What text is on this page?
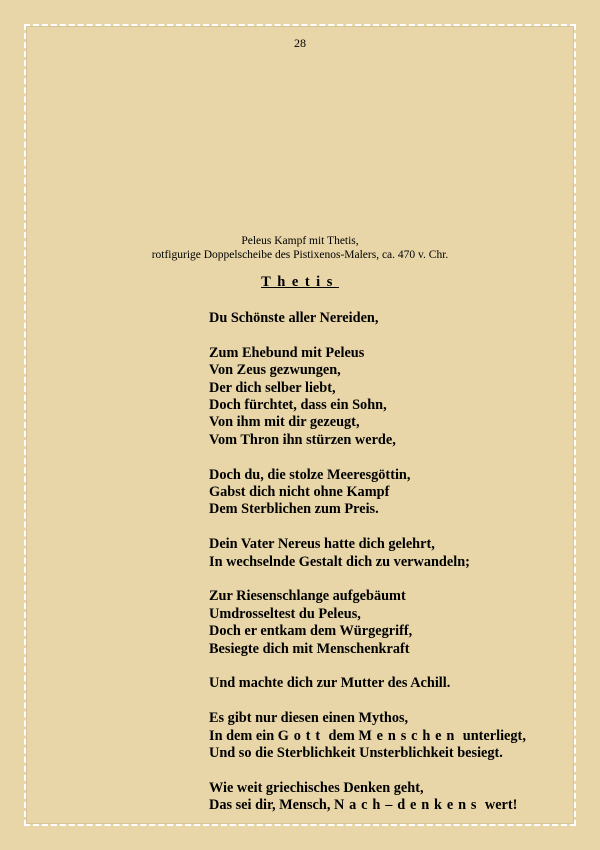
28
Peleus Kampf mit Thetis,
rotfigurige Doppelscheibe des Pistixenos-Malers, ca. 470 v. Chr.
Thetis
Du Schönste aller Nereiden,
Zum Ehebund mit Peleus
Von Zeus gezwungen,
Der dich selber liebt,
Doch fürchtet, dass ein Sohn,
Von ihm mit dir gezeugt,
Vom Thron ihn stürzen werde,
Doch du, die stolze Meeresgöttin,
Gabst dich nicht ohne Kampf
Dem Sterblichen zum Preis.
Dein Vater Nereus hatte dich gelehrt,
In wechselnde Gestalt dich zu verwandeln;
Zur Riesenschlange aufgebäumt
Umdrosseltest du Peleus,
Doch er entkam dem Würgegriff,
Besiegte dich mit Menschenkraft
Und machte dich zur Mutter des Achill.
Es gibt nur diesen einen Mythos,
In dem ein Gott dem Menschen unterliegt,
Und so die Sterblichkeit Unsterblichkeit besiegt.
Wie weit griechisches Denken geht,
Das sei dir, Mensch, Nach–denkens wert!
